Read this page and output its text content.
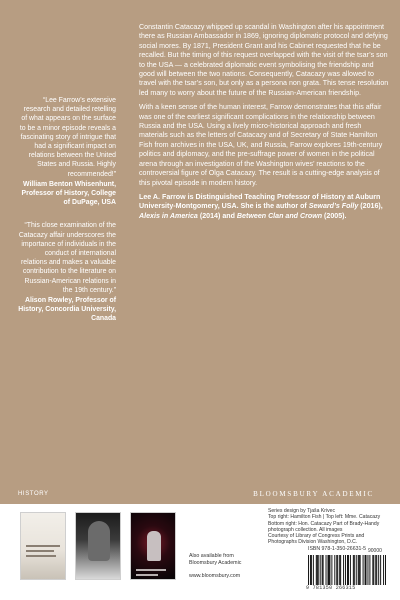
“Lee Farrow’s extensive research and detailed retelling of what appears on the surface to be a minor episode reveals a fascinating story of intrigue that had a significant impact on relations between the United States and Russia. Highly recommended!”
William Benton Whisenhunt, Professor of History, College of DuPage, USA
“This close examination of the Catacazy affair underscores the importance of individuals in the conduct of international relations and makes a valuable contribution to the literature on Russian-American relations in the 19th century.”
Alison Rowley, Professor of History, Concordia University, Canada

Constantin Catacazy whipped up scandal in Washington after his appointment there as Russian Ambassador in 1869, ignoring diplomatic protocol and defying social mores. By 1871, President Grant and his Cabinet requested that he be recalled. But the timing of this request overlapped with the visit of the tsar’s son to the USA — a celebrated diplomatic event symbolising the friendship and good will between the two nations. Consequently, Catacazy was allowed to travel with the tsar’s son, but only as a persona non grata. This tense resolution led many to worry about the future of the Russian-American friendship.

With a keen sense of the human interest, Farrow demonstrates that this affair was one of the earliest significant complications in the relationship between Russia and the USA. Using a lively micro-historical approach and fresh materials such as the letters of Catacazy and of Secretary of State Hamilton Fish from archives in the USA, UK, and Russia, Farrow explores 19th-century politics and diplomacy, and the pre-suffrage power of women in the political arena through an investigation of the Washington wives’ reactions to the controversial figure of Olga Catacazy. The result is a cutting-edge analysis of this pivotal episode in modern history.

Lee A. Farrow is Distinguished Teaching Professor of History at Auburn University-Montgomery, USA. She is the author of Seward’s Folly (2016), Alexis in America (2014) and Between Clan and Crown (2005).

HISTORY	BLOOMSBURY ACADEMIC
Also available from
Bloomsbury Academic

www.bloomsbury.com
Series design by Tjaša Krivec
Top right: Hamilton Fish | Top left: Mme. Catacazy
Bottom right: Hon. Catacazy Part of Brady-Handy photograph collection. All images
Courtesy of Library of Congress Prints and Photographs Division Washington, D.C.
ISBN 978-1-350-26631-5 90000
9 781350 266315
